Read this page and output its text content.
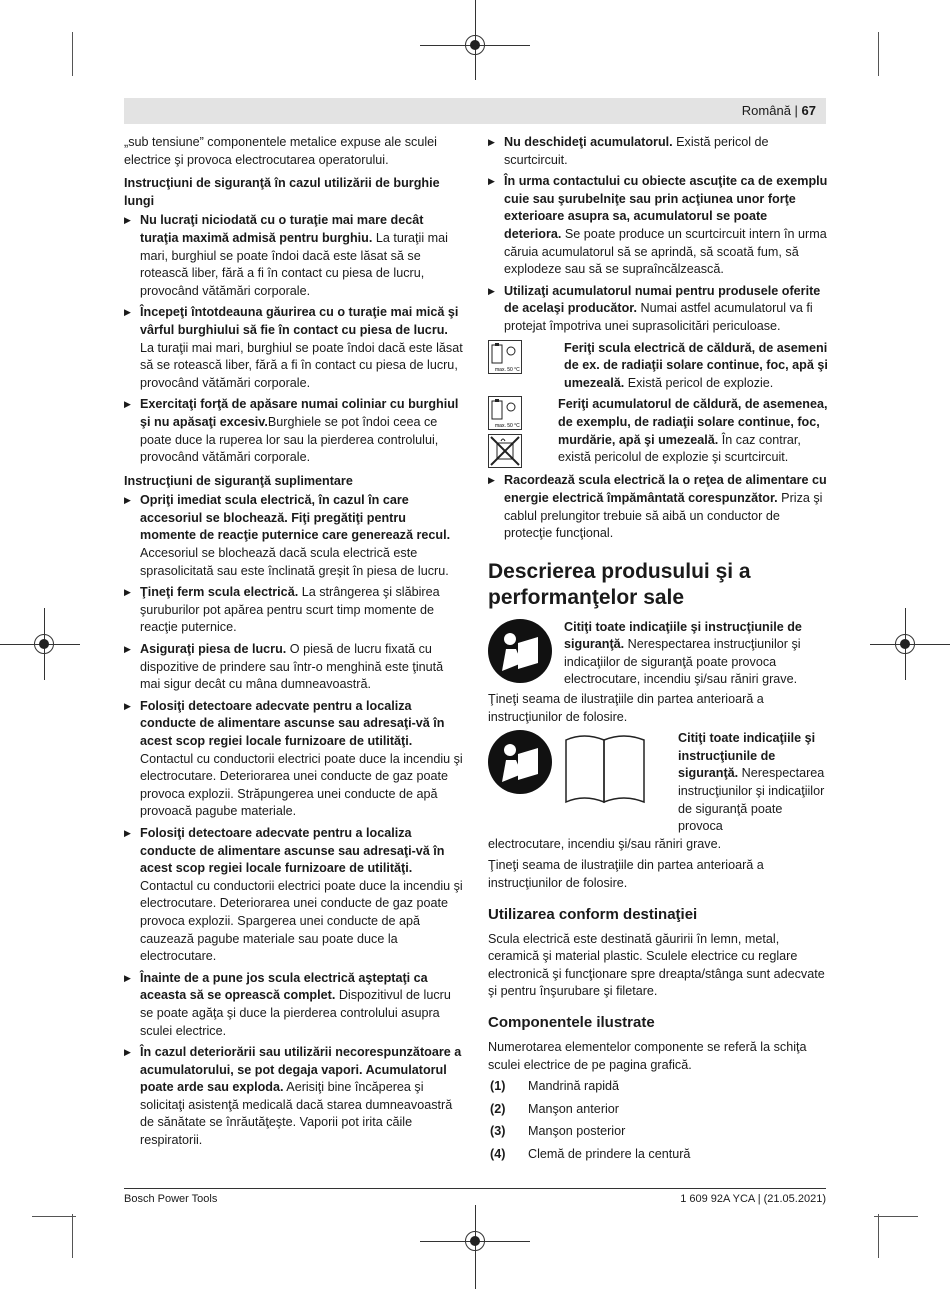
Română | 67

„sub tensiune” componentele metalice expuse ale sculei electrice şi provoca electrocutarea operatorului.

Instrucţiuni de siguranţă în cazul utilizării de burghie lungi
▶ Nu lucraţi niciodată cu o turaţie mai mare decât turaţia maximă admisă pentru burghiu. La turaţii mai mari, burghiul se poate îndoi dacă este lăsat să se rotească liber, fără a fi în contact cu piesa de lucru, provocând vătămări corporale.
▶ Începeţi întotdeauna găurirea cu o turaţie mai mică şi vârful burghiului să fie în contact cu piesa de lucru. La turaţii mai mari, burghiul se poate îndoi dacă este lăsat să se rotească liber, fără a fi în contact cu piesa de lucru, provocând vătămări corporale.
▶ Exercitaţi forţă de apăsare numai coliniar cu burghiul şi nu apăsaţi excesiv.Burghiele se pot îndoi ceea ce poate duce la ruperea lor sau la pierderea controlului, provocând vătămări corporale.
Instrucţiuni de siguranţă suplimentare
▶ Opriţi imediat scula electrică, în cazul în care accesoriul se blochează. Fiţi pregătiţi pentru momente de reacţie puternice care generează recul. Accesoriul se blochează dacă scula electrică este sprasolicitată sau este înclinată greşit în piesa de lucru.
▶ Ţineţi ferm scula electrică. La strângerea şi slăbirea şuruburilor pot apărea pentru scurt timp momente de reacţie puternice.
▶ Asiguraţi piesa de lucru. O piesă de lucru fixată cu dispozitive de prindere sau într-o menghină este ţinută mai sigur decât cu mâna dumneavoastră.
▶ Folosiţi detectoare adecvate pentru a localiza conducte de alimentare ascunse sau adresaţi-vă în acest scop regiei locale furnizoare de utilităţi. Contactul cu conductorii electrici poate duce la incendiu şi electrocutare. Deteriorarea unei conducte de gaz poate provoca explozii. Străpungerea unei conducte de apă provoacă pagube materiale.
▶ Folosiţi detectoare adecvate pentru a localiza conducte de alimentare ascunse sau adresaţi-vă în acest scop regiei locale furnizoare de utilităţi. Contactul cu conductorii electrici poate duce la incendiu şi electrocutare. Deteriorarea unei conducte de gaz poate provoca explozii. Spargerea unei conducte de apă cauzează pagube materiale sau poate duce la electrocutare.
▶ Înainte de a pune jos scula electrică aşteptaţi ca aceasta să se oprească complet. Dispozitivul de lucru se poate agăţa şi duce la pierderea controlului asupra sculei electrice.
▶ În cazul deteriorării sau utilizării necorespunzătoare a acumulatorului, se pot degaja vapori. Acumulatorul poate arde sau exploda. Aerisiţi bine încăperea şi solicitaţi asistenţă medicală dacă starea dumneavoastră de sănătate se înrăutăţeşte. Vaporii pot irita căile respiratorii.
▶ Nu deschideţi acumulatorul. Există pericol de scurtcircuit.
▶ În urma contactului cu obiecte ascuţite ca de exemplu cuie sau şurubelniţe sau prin acţiunea unor forţe exterioare asupra sa, acumulatorul se poate deteriora. Se poate produce un scurtcircuit intern în urma căruia acumulatorul să se aprindă, să scoată fum, să explodeze sau să se supraîncălzească.
▶ Utilizaţi acumulatorul numai pentru produsele oferite de acelaşi producător. Numai astfel acumulatorul va fi protejat împotriva unei suprasolicitări periculoase.
max. 50 °C
Feriţi scula electrică de căldură, de asemeni de ex. de radiaţii solare continue, foc, apă şi umezeală. Există pericol de explozie.
max. 50 °C
Feriţi acumulatorul de căldură, de asemenea, de exemplu, de radiaţii solare continue, foc, murdărie, apă şi umezeală. În caz contrar, există pericolul de explozie şi scurtcircuit.
▶ Racordează scula electrică la o reţea de alimentare cu energie electrică împământată corespunzător. Priza şi cablul prelungitor trebuie să aibă un conductor de protecţie funcţional.
Descrierea produsului şi a performanţelor sale
Citiţi toate indicaţiile şi instrucţiunile de siguranţă. Nerespectarea instrucţiunilor şi indicaţiilor de siguranţă poate provoca electrocutare, incendiu şi/sau răniri grave.

Ţineţi seama de ilustraţiile din partea anterioară a instrucţiunilor de folosire.

Citiţi toate indicaţiile şi instrucţiunile de siguranţă. Nerespectarea instrucţiunilor şi indicaţiilor de siguranţă poate provoca

electrocutare, incendiu şi/sau răniri grave.

Ţineţi seama de ilustraţiile din partea anterioară a instrucţiunilor de folosire.

Utilizarea conform destinaţiei

Scula electrică este destinată găuririi în lemn, metal, ceramică şi material plastic. Sculele electrice cu reglare electronică şi funcţionare spre dreapta/stânga sunt adecvate şi pentru înşurubare şi filetare.

Componentele ilustrate

Numerotarea elementelor componente se referă la schiţa sculei electrice de pe pagina grafică.

(1)	Mandrină rapidă
(2)	Manşon anterior
(3)	Manşon posterior
(4)	Clemă de prindere la centură
Bosch Power Tools	1 609 92A YCA | (21.05.2021)
